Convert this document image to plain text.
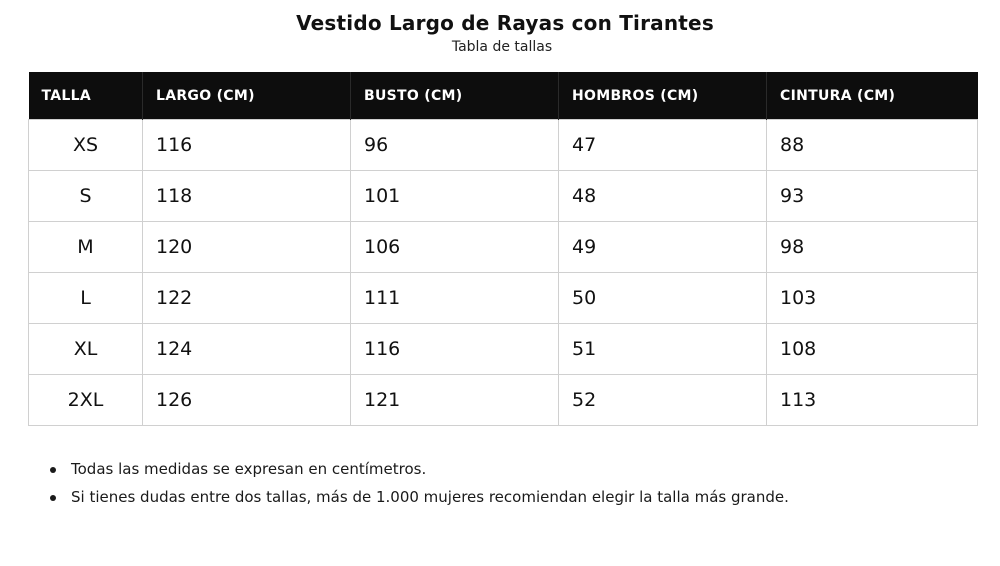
Vestido Largo de Rayas con Tirantes
Tabla de tallas
TALLA	LARGO (CM)	BUSTO (CM)	HOMBROS (CM)	CINTURA (CM)
XS	116	96	47	88
S	118	101	48	93
M	120	106	49	98
L	122	111	50	103
XL	124	116	51	108
2XL	126	121	52	113
Todas las medidas se expresan en centímetros.
Si tienes dudas entre dos tallas, más de 1.000 mujeres recomiendan elegir la talla más grande.
